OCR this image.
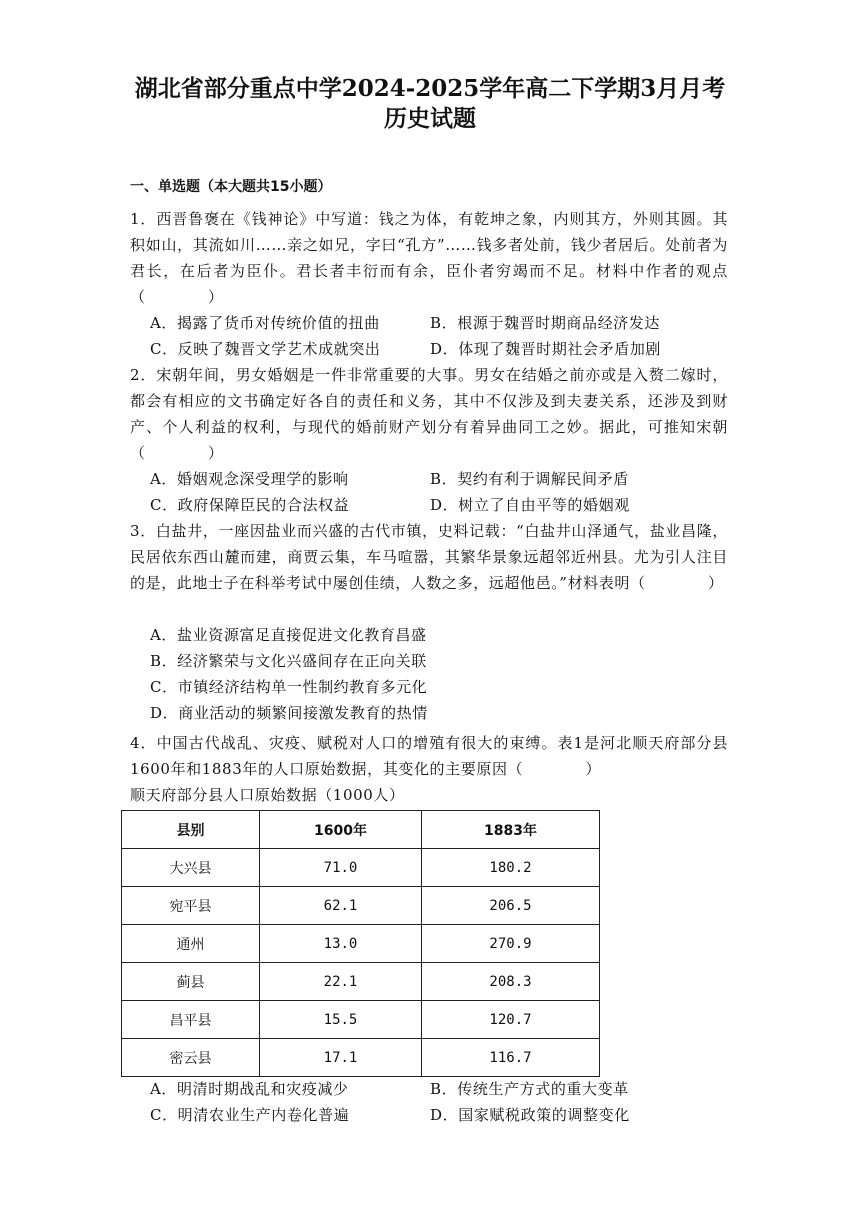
湖北省部分重点中学2024-2025学年高二下学期3月月考
历史试题
一、单选题（本大题共15小题）
1．西晋鲁褒在《钱神论》中写道：钱之为体，有乾坤之象，内则其方，外则其圆。其积如山，其流如川……亲之如兄，字曰“孔方”……钱多者处前，钱少者居后。处前者为君长，在后者为臣仆。君长者丰衍而有余，臣仆者穷竭而不足。材料中作者的观点（　　　　）
A．揭露了货币对传统价值的扭曲	B．根源于魏晋时期商品经济发达
C．反映了魏晋文学艺术成就突出	D．体现了魏晋时期社会矛盾加剧
2．宋朝年间，男女婚姻是一件非常重要的大事。男女在结婚之前亦或是入赘二嫁时，都会有相应的文书确定好各自的责任和义务，其中不仅涉及到夫妻关系，还涉及到财产、个人利益的权利，与现代的婚前财产划分有着异曲同工之妙。据此，可推知宋朝（　　　　）
A．婚姻观念深受理学的影响	B．契约有利于调解民间矛盾
C．政府保障臣民的合法权益	D．树立了自由平等的婚姻观
3．白盐井，一座因盐业而兴盛的古代市镇，史料记载：“白盐井山泽通气，盐业昌隆，民居依东西山麓而建，商贾云集，车马喧嚣，其繁华景象远超邻近州县。尤为引人注目的是，此地士子在科举考试中屡创佳绩，人数之多，远超他邑。”材料表明（　　　　）
A．盐业资源富足直接促进文化教育昌盛
B．经济繁荣与文化兴盛间存在正向关联
C．市镇经济结构单一性制约教育多元化
D．商业活动的频繁间接激发教育的热情
4．中国古代战乱、灾疫、赋税对人口的增殖有很大的束缚。表1是河北顺天府部分县1600年和1883年的人口原始数据，其变化的主要原因（　　　　）
顺天府部分县人口原始数据（1000人）
县别	1600年	1883年
大兴县	71.0	180.2
宛平县	62.1	206.5
通州	13.0	270.9
蓟县	22.1	208.3
昌平县	15.5	120.7
密云县	17.1	116.7
A．明清时期战乱和灾疫减少	B．传统生产方式的重大变革
C．明清农业生产内卷化普遍	D．国家赋税政策的调整变化
